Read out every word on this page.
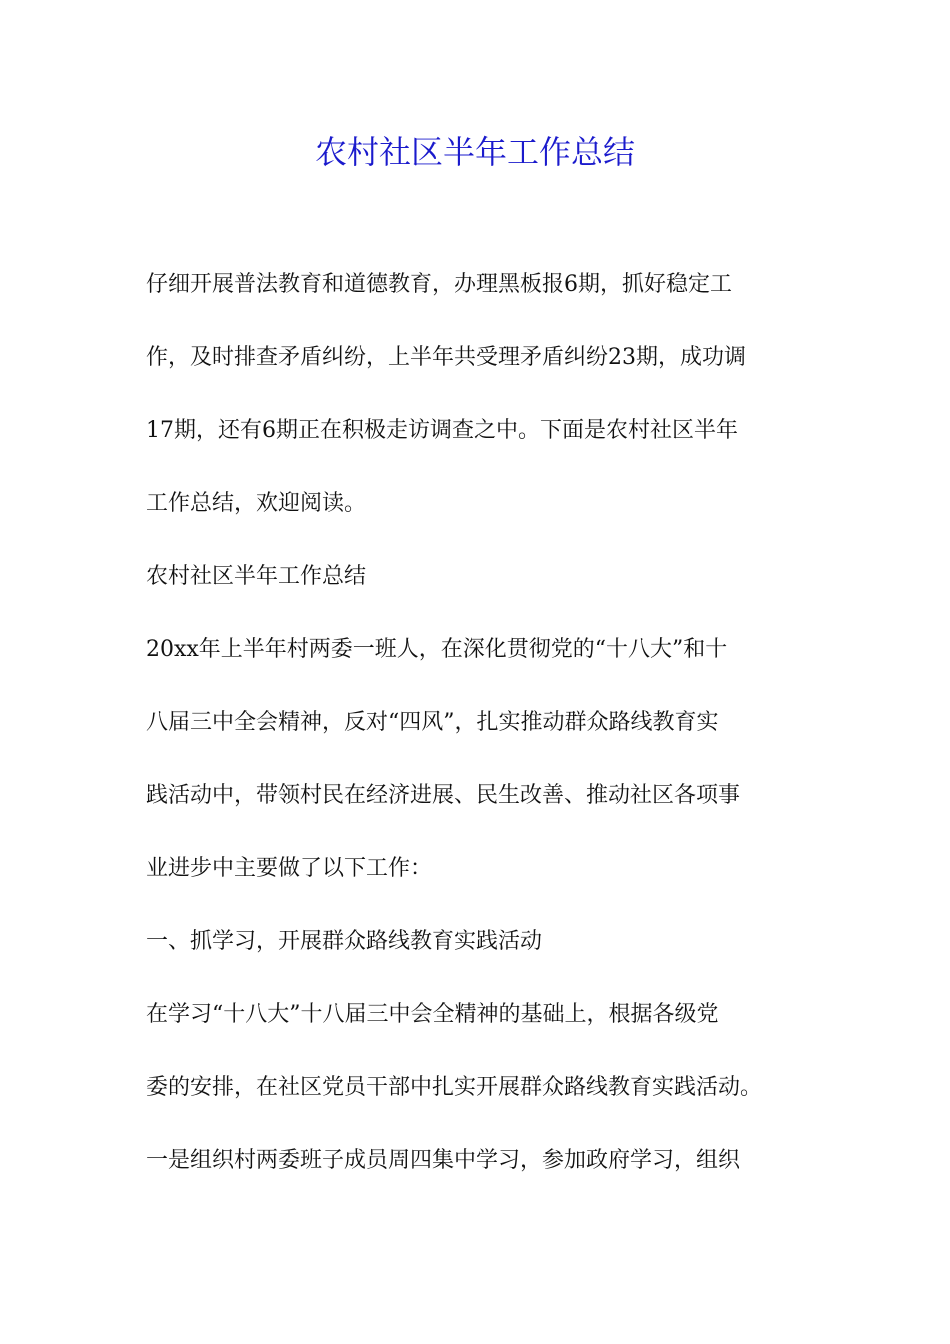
农村社区半年工作总结
仔细开展普法教育和道德教育，办理黑板报6期，抓好稳定工
作，及时排查矛盾纠纷，上半年共受理矛盾纠纷23期，成功调
17期，还有6期正在积极走访调查之中。下面是农村社区半年
工作总结，欢迎阅读。
农村社区半年工作总结
20xx年上半年村两委一班人，在深化贯彻党的“十八大”和十
八届三中全会精神，反对“四风”，扎实推动群众路线教育实
践活动中，带领村民在经济进展、民生改善、推动社区各项事
业进步中主要做了以下工作：
一、抓学习，开展群众路线教育实践活动
在学习“十八大”十八届三中会全精神的基础上，根据各级党
委的安排，在社区党员干部中扎实开展群众路线教育实践活动。
一是组织村两委班子成员周四集中学习，参加政府学习，组织
